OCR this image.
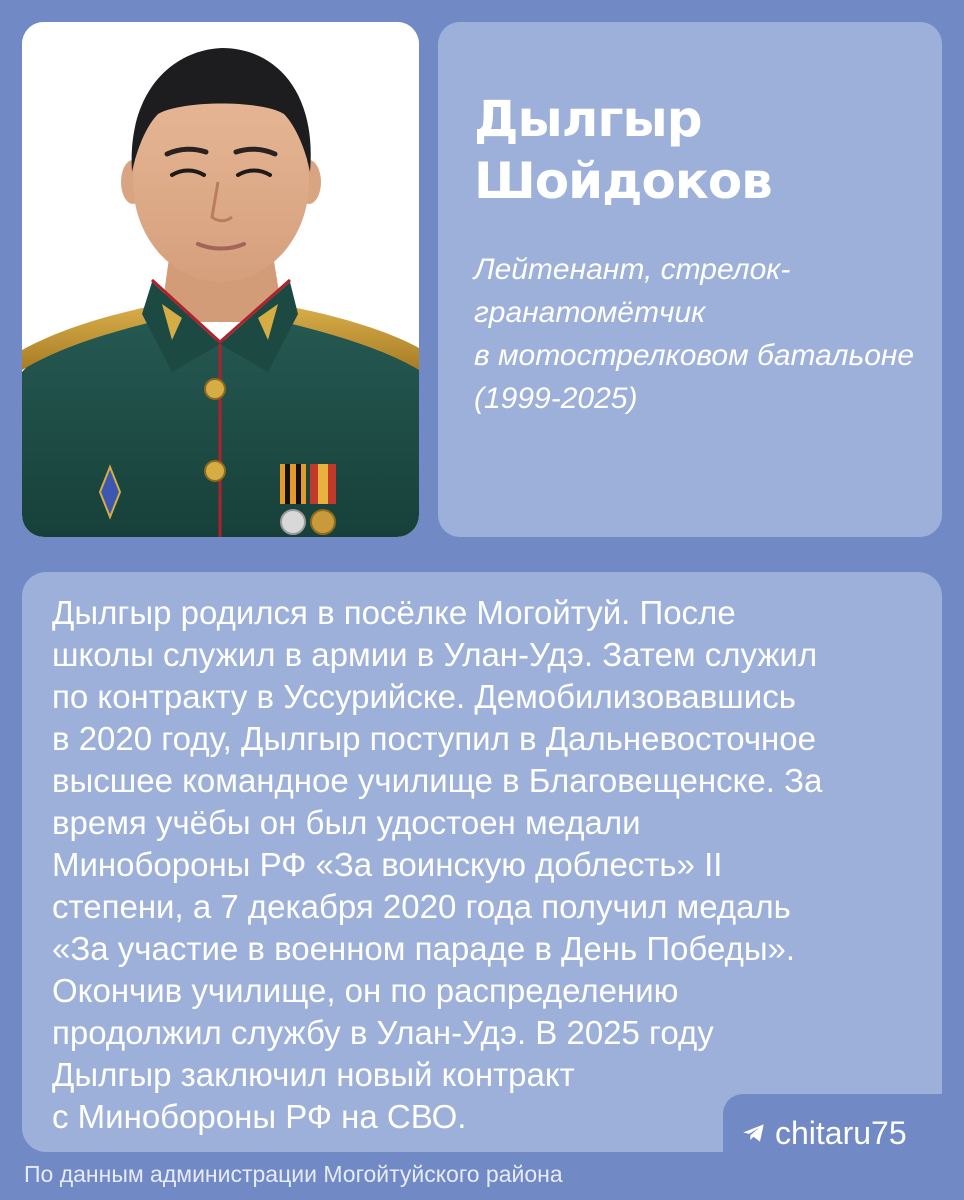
Дылгыр
Шойдоков
Лейтенант, стрелок-
гранатомётчик
в мотострелковом батальоне
(1999-2025)
Дылгыр родился в посёлке Могойтуй. После
школы служил в армии в Улан-Удэ. Затем служил
по контракту в Уссурийске. Демобилизовавшись
в 2020 году, Дылгыр поступил в Дальневосточное
высшее командное училище в Благовещенске. За
время учёбы он был удостоен медали
Минобороны РФ «За воинскую доблесть» II
степени, а 7 декабря 2020 года получил медаль
«За участие в военном параде в День Победы».
Окончив училище, он по распределению
продолжил службу в Улан-Удэ. В 2025 году
Дылгыр заключил новый контракт
с Минобороны РФ на СВО.	chitaru75
По данным администрации Могойтуйского района
